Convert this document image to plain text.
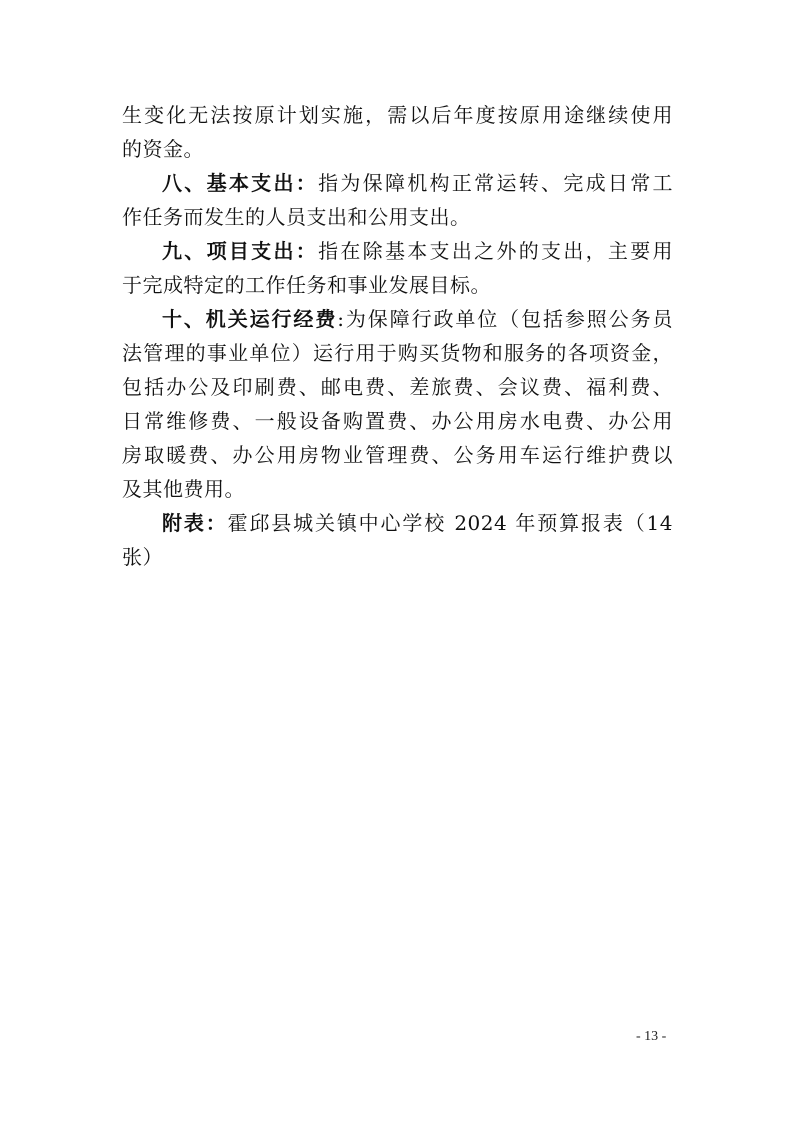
生变化无法按原计划实施，需以后年度按原用途继续使用
的资金。
八、基本支出：指为保障机构正常运转、完成日常工
作任务而发生的人员支出和公用支出。
九、项目支出：指在除基本支出之外的支出，主要用
于完成特定的工作任务和事业发展目标。
十、机关运行经费:为保障行政单位（包括参照公务员
法管理的事业单位）运行用于购买货物和服务的各项资金，
包括办公及印刷费、邮电费、差旅费、会议费、福利费、
日常维修费、一般设备购置费、办公用房水电费、办公用
房取暖费、办公用房物业管理费、公务用车运行维护费以
及其他费用。
附表：霍邱县城关镇中心学校 2024 年预算报表（14
张）
- 13 -
